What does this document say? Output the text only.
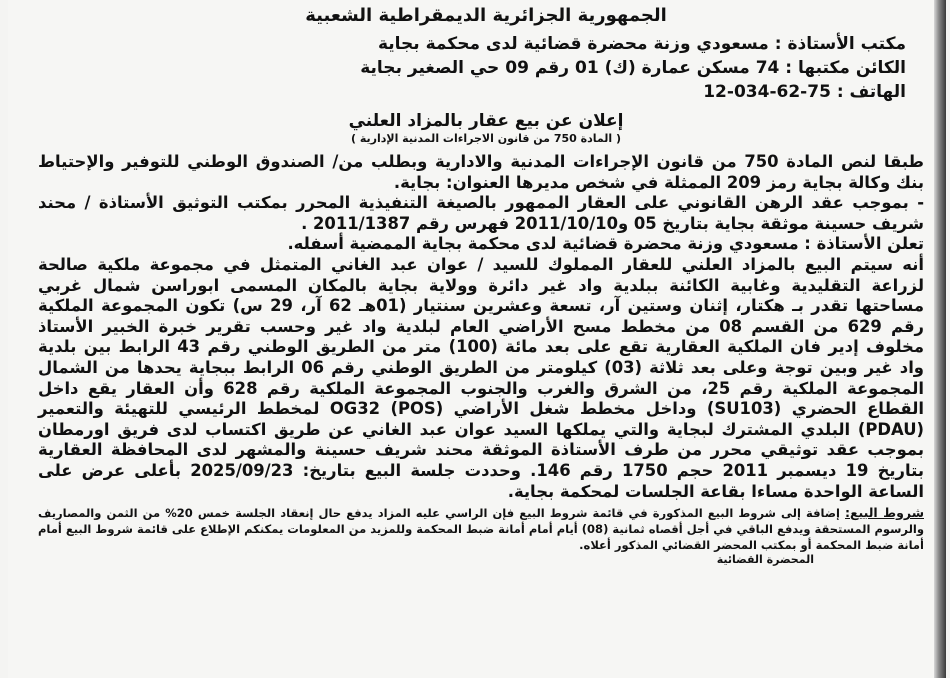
الجمهورية الجزائرية الديمقراطية الشعبية
مكتب الأستاذة : مسعودي وزنة محضرة قضائية لدى محكمة بجاية
الكائن مكتبها : 74 مسكن عمارة (ك) 01 رقم 09 حي الصغير بجاية
الهاتف : 75-62-034-12
إعلان عن بيع عقار بالمزاد العلني
( المادة 750 من قانون الاجراءات المدنية الإدارية )

طبقا لنص المادة 750 من قانون الإجراءات المدنية والادارية وبطلب من/ الصندوق الوطني للتوفير والإحتياط بنك وكالة بجاية رمز 209 الممثلة في شخص مديرها العنوان: بجاية.

- بموجب عقد الرهن القانوني على العقار الممهور بالصيغة التنفيذية المحرر بمكتب التوثيق الأستاذة / محند شريف حسينة موثقة بجاية بتاريخ 05 و2011/10/10 فهرس رقم 2011/1387 .

تعلن الأستاذة : مسعودي وزنة محضرة قضائية لدى محكمة بجاية الممضية أسفله.

أنه سيتم البيع بالمزاد العلني للعقار المملوك للسيد / عوان عبد الغاني المتمثل في مجموعة ملكية صالحة لزراعة التقليدية وغابية الكائنة ببلدية واد غير دائرة وولاية بجاية بالمكان المسمى ابوراسن شمال غربي مساحتها تقدر بـ هكتار، إثنان وستين آر، تسعة وعشرين سنتيار (01هـ 62 آر، 29 س) تكون المجموعة الملكية رقم 629 من القسم 08 من مخطط مسح الأراضي العام لبلدية واد غير وحسب تقرير خبرة الخبير الأستاذ مخلوف إدير فان الملكية العقارية تقع على بعد مائة (100) متر من الطريق الوطني رقم 43 الرابط بين بلدية واد غير وبين توجة وعلى بعد ثلاثة (03) كيلومتر من الطريق الوطني رقم 06 الرابط ببجاية يحدها من الشمال المجموعة الملكية رقم 25، من الشرق والغرب والجنوب المجموعة الملكية رقم 628 وأن العقار يقع داخل القطاع الحضري (SU103) وداخل مخطط شغل الأراضي OG32 (POS) لمخطط الرئيسي للتهيئة والتعمير (PDAU) البلدي المشترك لبجاية والتي يملكها السيد عوان عبد الغاني عن طريق اكتساب لدى فريق اورمطان بموجب عقد توثيقي محرر من طرف الأستاذة الموثقة محند شريف حسينة والمشهر لدى المحافظة العقارية بتاريخ 19 ديسمبر 2011 حجم 1750 رقم 146. وحددت جلسة البيع بتاريخ: 2025/09/23 بأعلى عرض على الساعة الواحدة مساءا بقاعة الجلسات لمحكمة بجاية.

شروط البيع: إضافة إلى شروط البيع المذكورة في قائمة شروط البيع فإن الراسي عليه المزاد يدفع حال إنعقاد الجلسة خمس 20% من الثمن والمصاريف والرسوم المستحقة ويدفع الباقي في أجل أقصاه ثمانية (08) أيام أمام أمانة ضبط المحكمة وللمزيد من المعلومات يمكنكم الإطلاع على قائمة شروط البيع أمام أمانة ضبط المحكمة أو بمكتب المحضر القضائي المذكور أعلاه.
المحضرة القضائية
